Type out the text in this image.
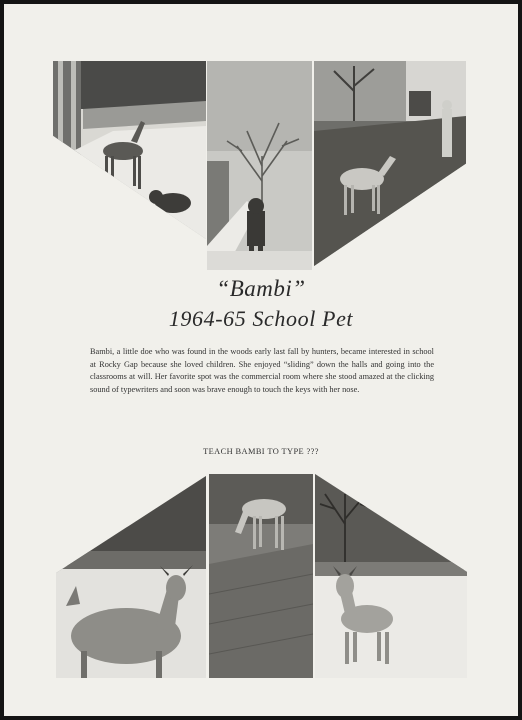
“Bambi”
1964-65 School Pet
Bambi, a little doe who was found in the woods early last fall by hunters, became interested in school at Rocky Gap because she loved children. She enjoyed “sliding” down the halls and going into the classrooms at will. Her favorite spot was the commercial room where she stood amazed at the clicking sound of typewriters and soon was brave enough to touch the keys with her nose.
TEACH BAMBI TO TYPE ???
